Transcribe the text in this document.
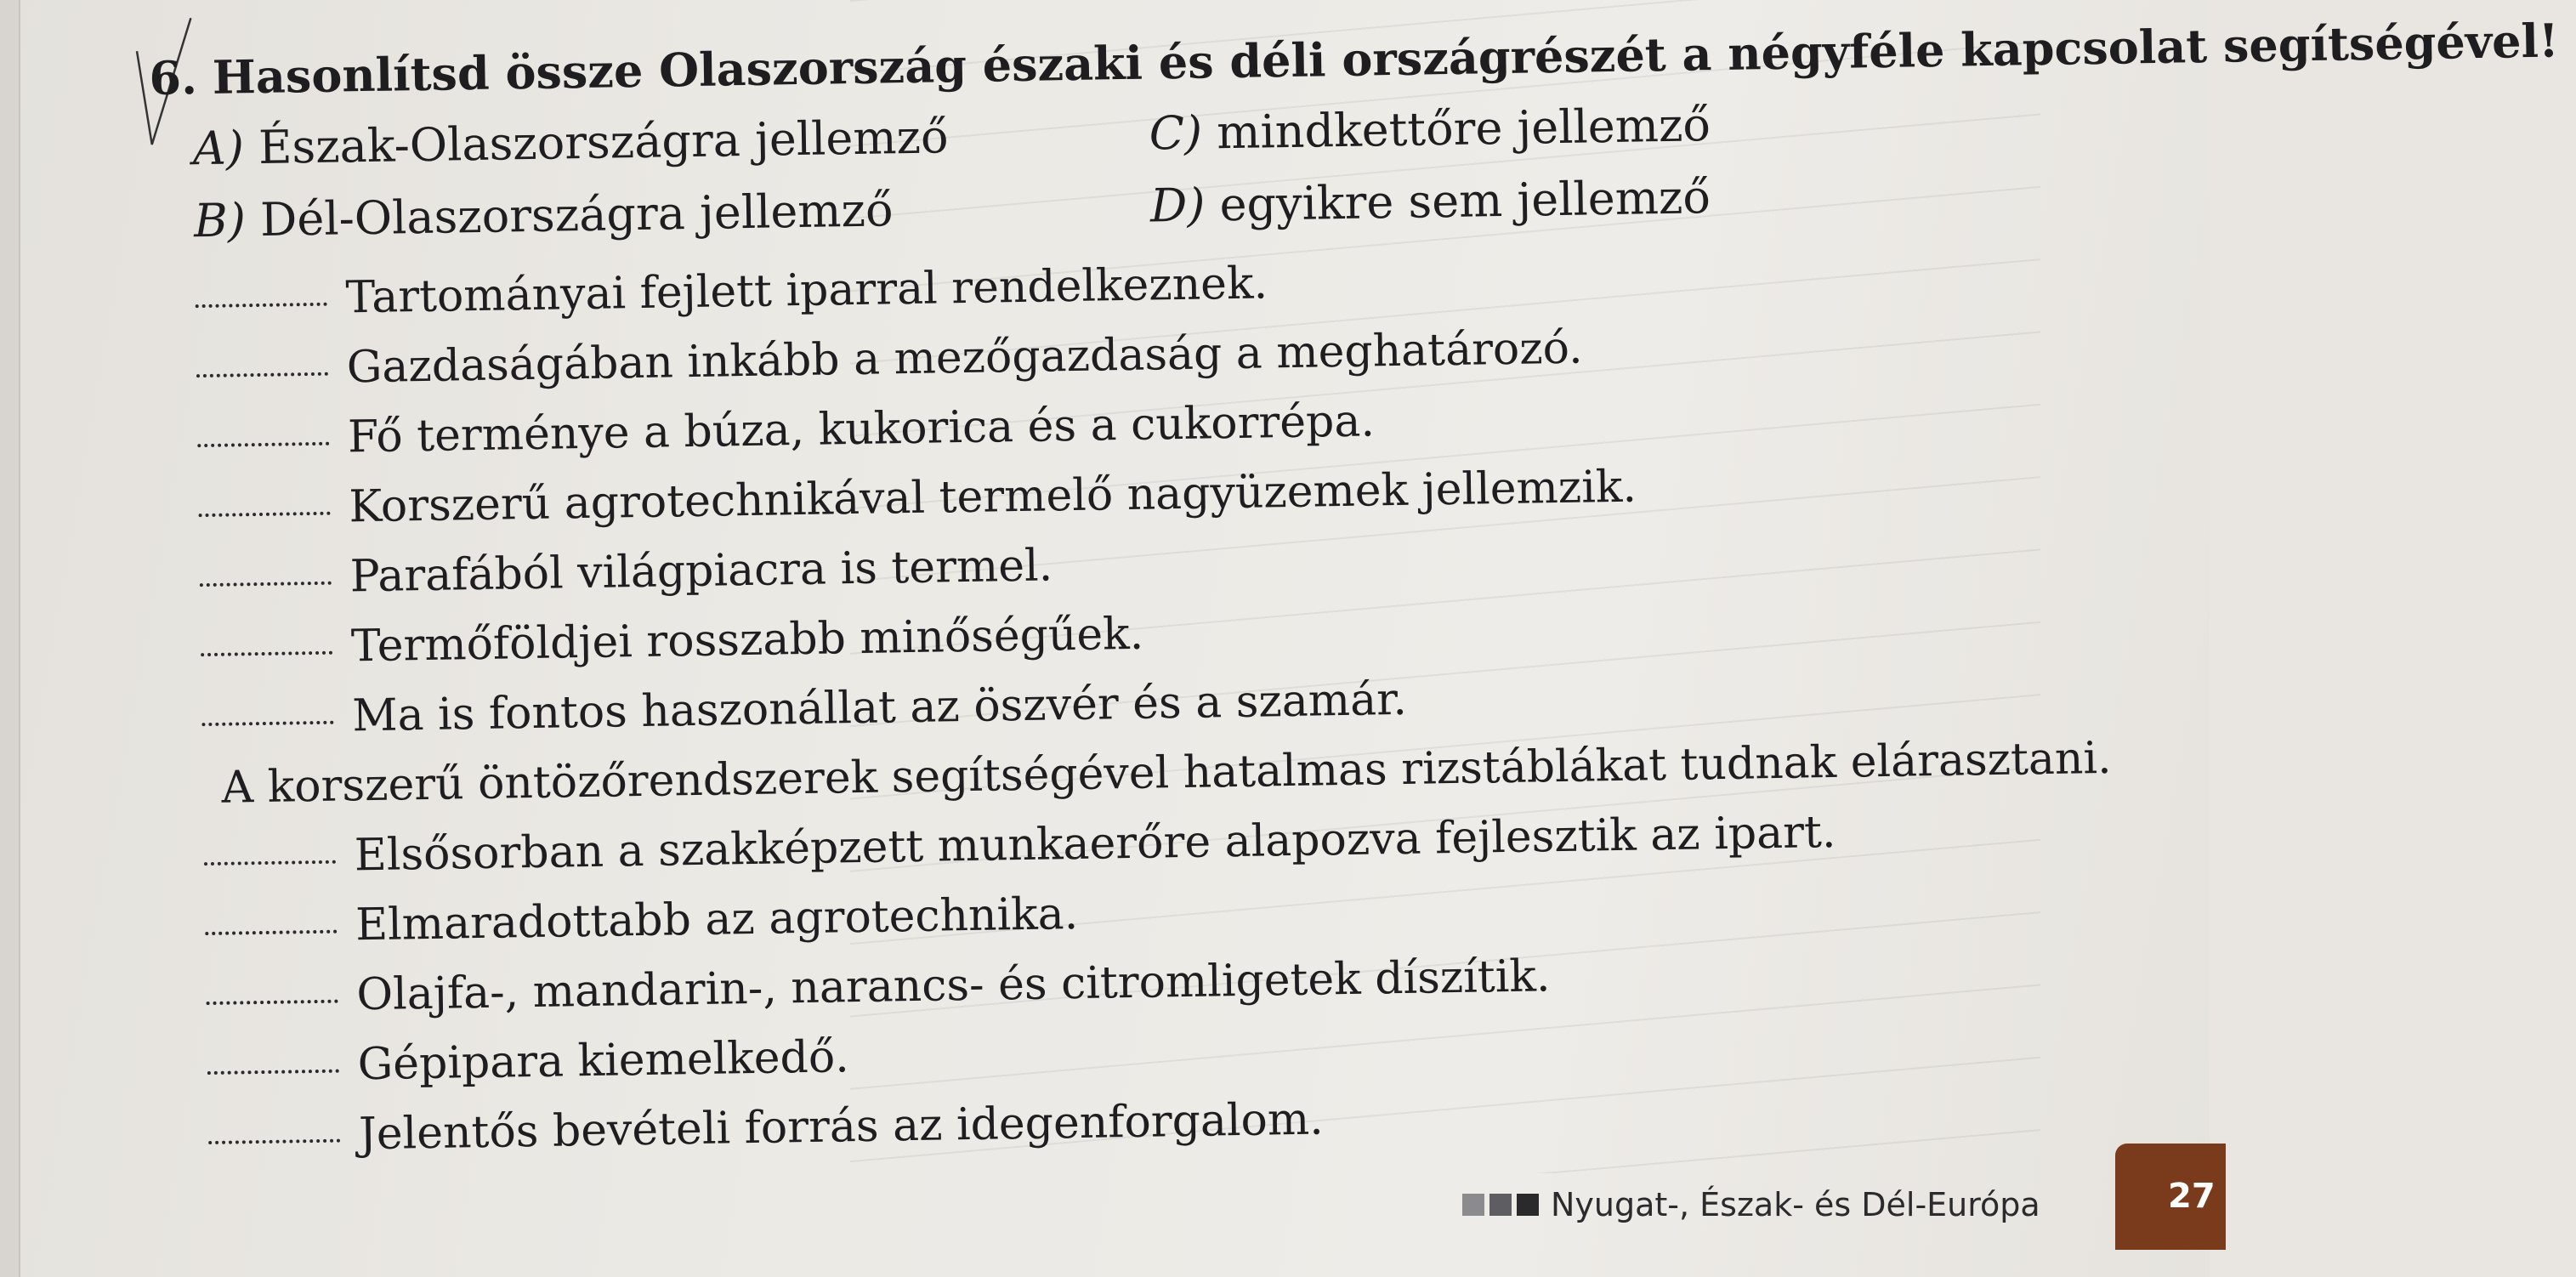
6. Hasonlítsd össze Olaszország északi és déli országrészét a négyféle kapcsolat segítségével!
A) Észak-Olaszországra jellemző	C) mindkettőre jellemző
B) Dél-Olaszországra jellemző	D) egyikre sem jellemző
Tartományai fejlett iparral rendelkeznek.
Gazdaságában inkább a mezőgazdaság a meghatározó.
Fő terménye a búza, kukorica és a cukorrépa.
Korszerű agrotechnikával termelő nagyüzemek jellemzik.
Parafából világpiacra is termel.
Termőföldjei rosszabb minőségűek.
Ma is fontos haszonállat az öszvér és a szamár.
A korszerű öntözőrendszerek segítségével hatalmas rizstáblákat tudnak elárasztani.
Elsősorban a szakképzett munkaerőre alapozva fejlesztik az ipart.
Elmaradottabb az agrotechnika.
Olajfa-, mandarin-, narancs- és citromligetek díszítik.
Gépipara kiemelkedő.
Jelentős bevételi forrás az idegenforgalom.
Nyugat-, Észak- és Dél-Európa	27
